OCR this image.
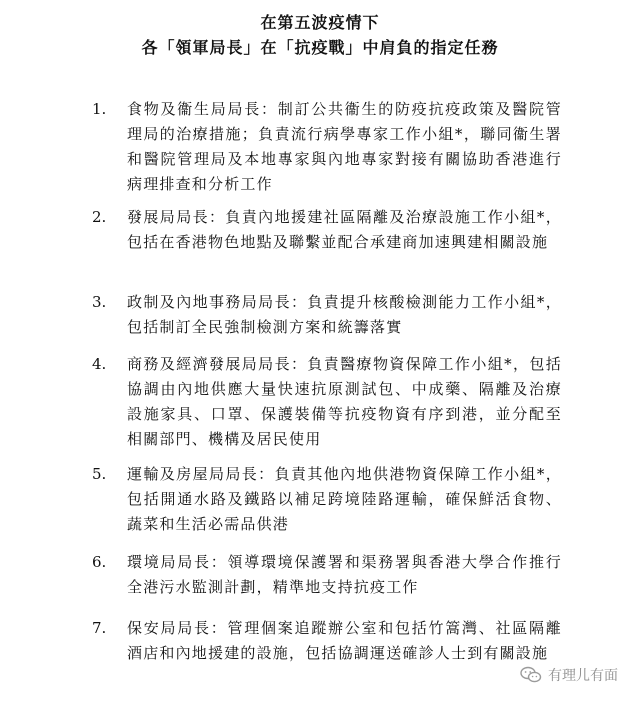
在第五波疫情下
各「領軍局長」在「抗疫戰」中肩負的指定任務
1.	食物及衞生局局長：制訂公共衞生的防疫抗疫政策及醫院管理局的治療措施；負責流行病學專家工作小組*，聯同衞生署和醫院管理局及本地專家與內地專家對接有關協助香港進行病理排查和分析工作
2.	發展局局長：負責內地援建社區隔離及治療設施工作小組*，包括在香港物色地點及聯繫並配合承建商加速興建相關設施
3.	政制及內地事務局局長：負責提升核酸檢測能力工作小組*，包括制訂全民強制檢測方案和統籌落實
4.	商務及經濟發展局局長：負責醫療物資保障工作小組*，包括協調由內地供應大量快速抗原測試包、中成藥、隔離及治療設施家具、口罩、保護裝備等抗疫物資有序到港，並分配至相關部門、機構及居民使用
5.	運輸及房屋局局長：負責其他內地供港物資保障工作小組*，包括開通水路及鐵路以補足跨境陸路運輸，確保鮮活食物、蔬菜和生活必需品供港
6.	環境局局長：領導環境保護署和渠務署與香港大學合作推行全港污水監測計劃，精準地支持抗疫工作
7.	保安局局長：管理個案追蹤辦公室和包括竹篙灣、社區隔離酒店和內地援建的設施，包括協調運送確診人士到有關設施
有理儿有面
